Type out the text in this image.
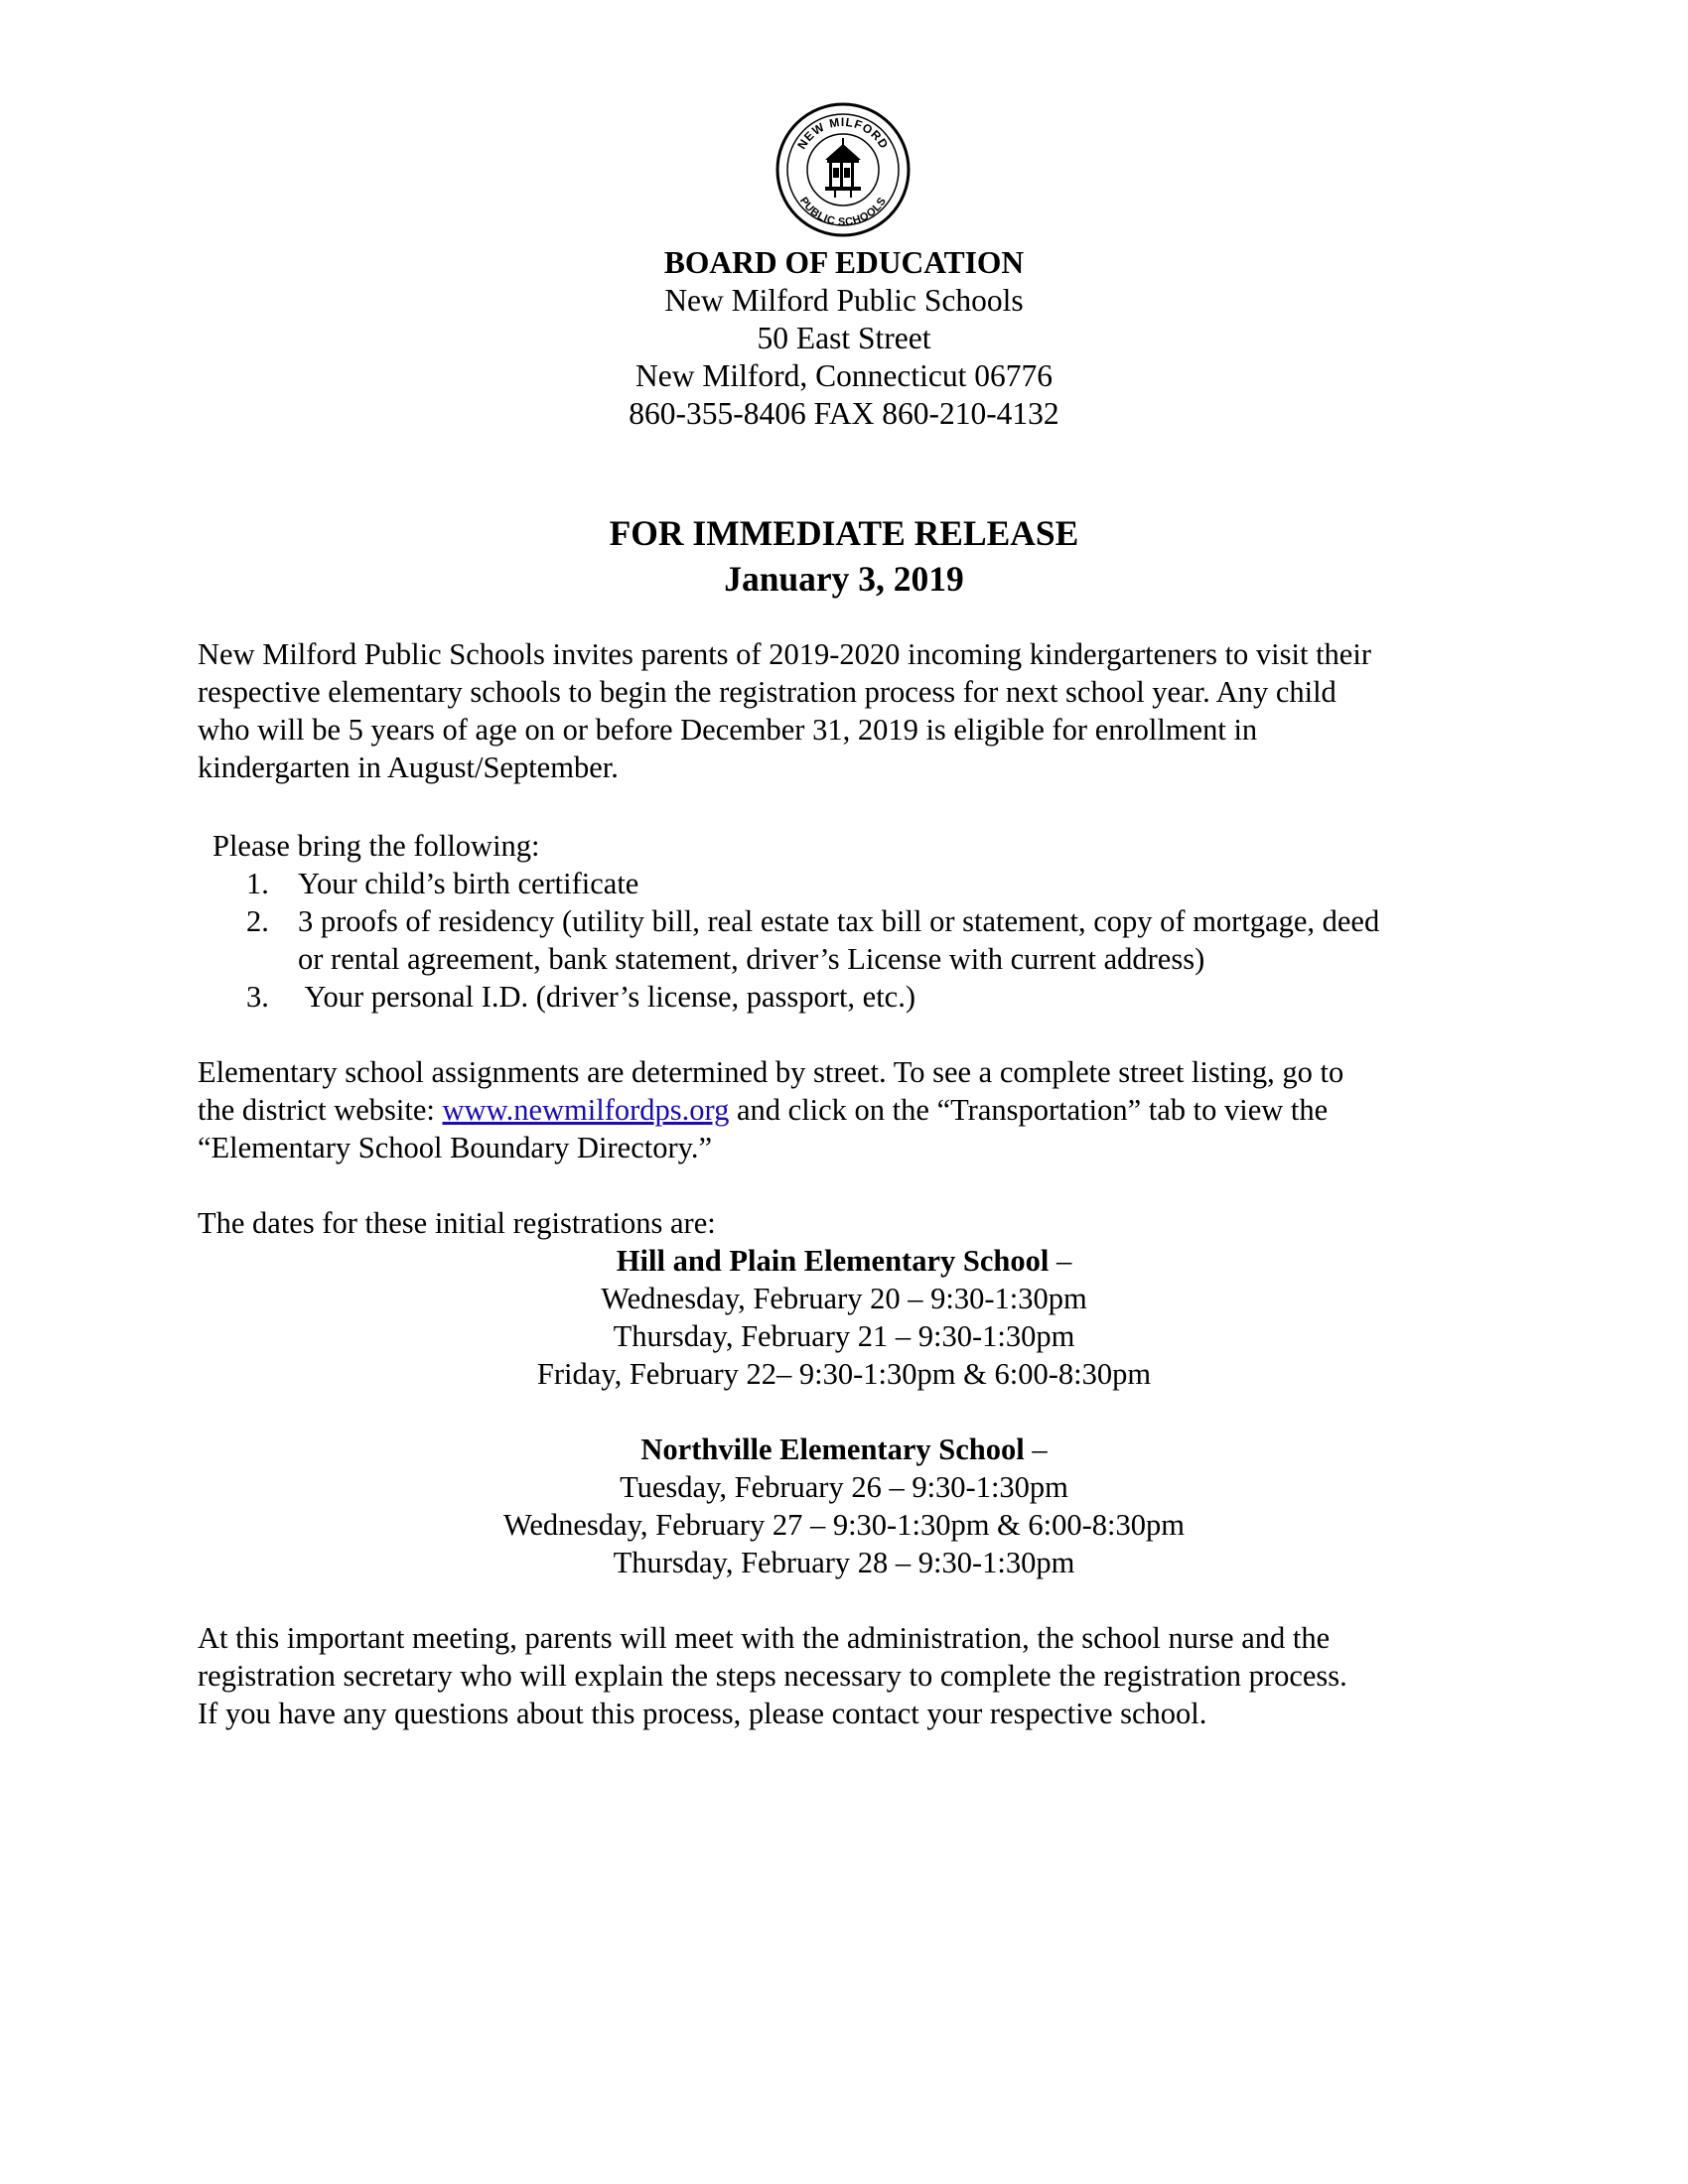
NEW MILFORD
PUBLIC SCHOOLS
BOARD OF EDUCATION
New Milford Public Schools
50 East Street
New Milford, Connecticut 06776
860-355-8406 FAX 860-210-4132
FOR IMMEDIATE RELEASE
January 3, 2019
New Milford Public Schools invites parents of 2019-2020 incoming kindergarteners to visit their
respective elementary schools to begin the registration process for next school year. Any child
who will be 5 years of age on or before December 31, 2019 is eligible for enrollment in
kindergarten in August/September.
Please bring the following:
1. Your child’s birth certificate
2. 3 proofs of residency (utility bill, real estate tax bill or statement, copy of mortgage, deed
or rental agreement, bank statement, driver’s License with current address)
3. Your personal I.D. (driver’s license, passport, etc.)
Elementary school assignments are determined by street. To see a complete street listing, go to
the district website: www.newmilfordps.org and click on the “Transportation” tab to view the
“Elementary School Boundary Directory.”
The dates for these initial registrations are:
Hill and Plain Elementary School –
Wednesday, February 20 – 9:30-1:30pm
Thursday, February 21 – 9:30-1:30pm
Friday, February 22– 9:30-1:30pm & 6:00-8:30pm
Northville Elementary School –
Tuesday, February 26 – 9:30-1:30pm
Wednesday, February 27 – 9:30-1:30pm & 6:00-8:30pm
Thursday, February 28 – 9:30-1:30pm
At this important meeting, parents will meet with the administration, the school nurse and the
registration secretary who will explain the steps necessary to complete the registration process.
If you have any questions about this process, please contact your respective school.
